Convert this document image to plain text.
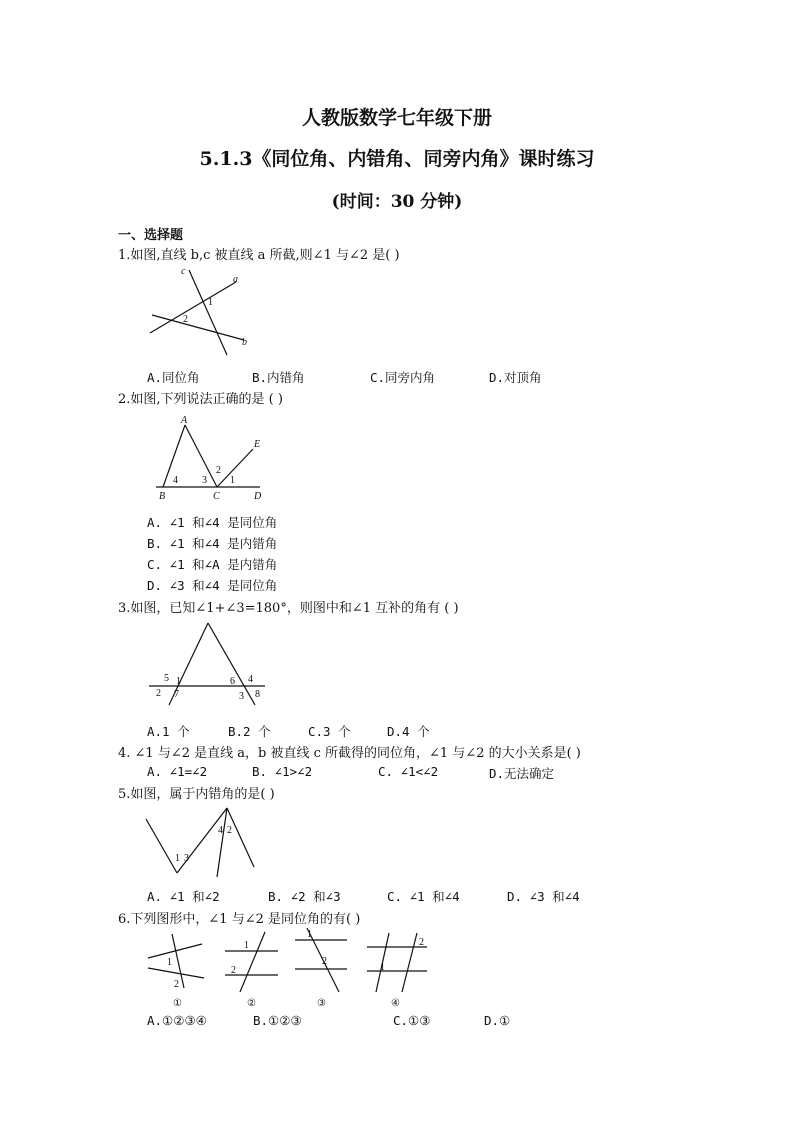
人教版数学七年级下册
5.1.3《同位角、内错角、同旁内角》课时练习
(时间：30 分钟)
一、选择题
1.如图,直线 b,c 被直线 a 所截,则∠1 与∠2 是( )
c
a
1
2
b
A.同位角	B.内错角	C.同旁内角	D.对顶角
2.如图,下列说法正确的是 ( )
A
E
2
4 3 1
B	C	D
A. ∠1 和∠4 是同位角
B. ∠1 和∠4 是内错角
C. ∠1 和∠A 是内错角
D. ∠3 和∠4 是同位角
3.如图，已知∠1+∠3=180°，则图中和∠1 互补的角有 ( )
5 1
2 7
6 4
3 8
A.1 个	B.2 个	C.3 个	D.4 个
4. ∠1 与∠2 是直线 a，b 被直线 c 所截得的同位角，∠1 与∠2 的大小关系是( )
A. ∠1=∠2	B. ∠1>∠2	C. ∠1<∠2	D.无法确定
5.如图，属于内错角的是( )
1 3
4 2
A. ∠1 和∠2	B. ∠2 和∠3	C. ∠1 和∠4	D. ∠3 和∠4
6.下列图形中，∠1 与∠2 是同位角的有( )
1
2
①
1
2
②
1
2
③
2
1
④
A.①②③④	B.①②③	C.①③	D.①
